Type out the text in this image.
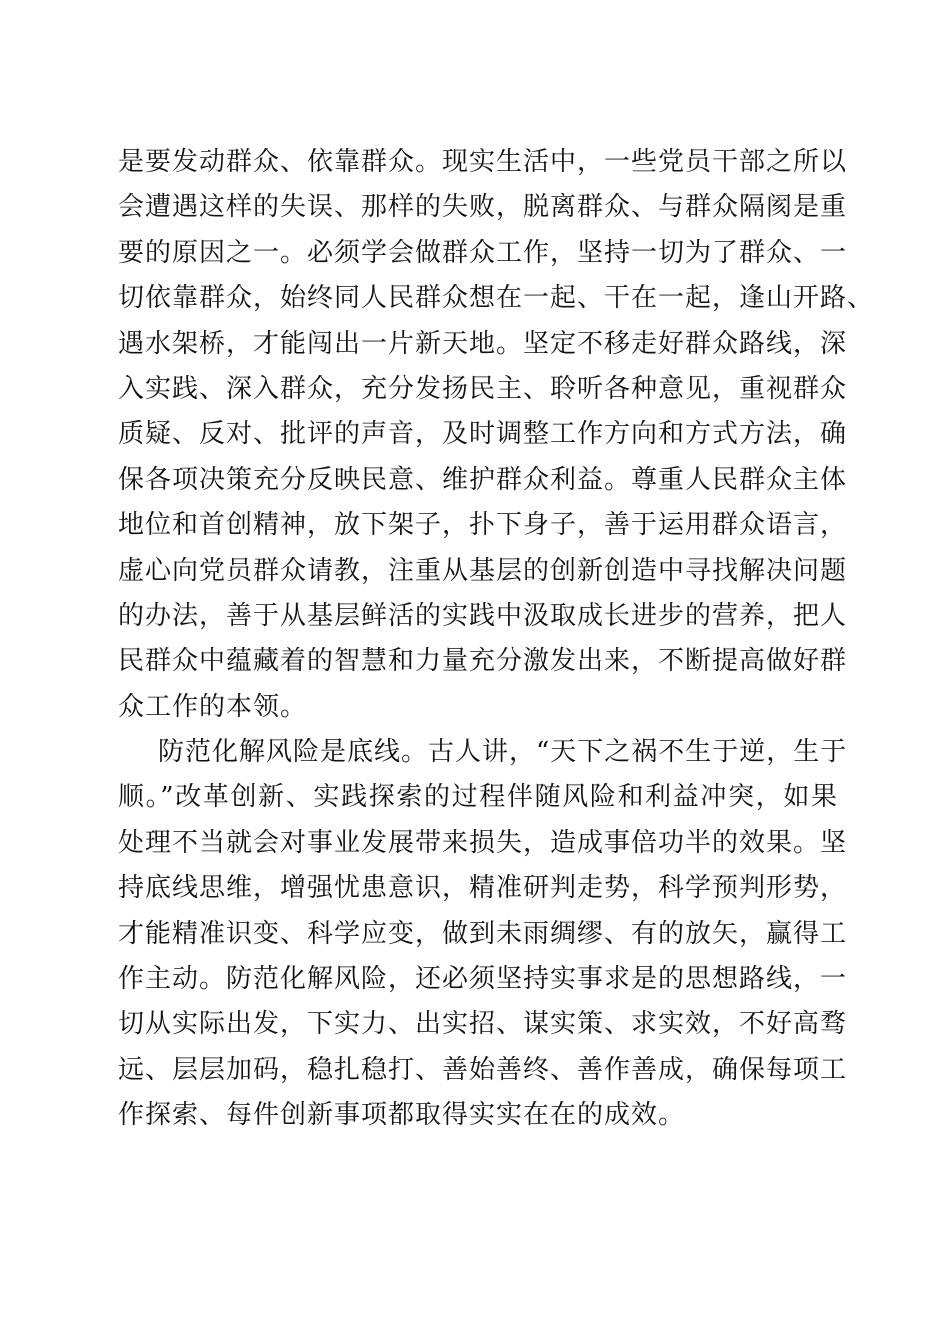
是要发动群众、依靠群众。现实生活中，一些党员干部之所以
会遭遇这样的失误、那样的失败，脱离群众、与群众隔阂是重
要的原因之一。必须学会做群众工作，坚持一切为了群众、一
切依靠群众，始终同人民群众想在一起、干在一起，逢山开路、
遇水架桥，才能闯出一片新天地。坚定不移走好群众路线，深
入实践、深入群众，充分发扬民主、聆听各种意见，重视群众
质疑、反对、批评的声音，及时调整工作方向和方式方法，确
保各项决策充分反映民意、维护群众利益。尊重人民群众主体
地位和首创精神，放下架子，扑下身子，善于运用群众语言，
虚心向党员群众请教，注重从基层的创新创造中寻找解决问题
的办法，善于从基层鲜活的实践中汲取成长进步的营养，把人
民群众中蕴藏着的智慧和力量充分激发出来，不断提高做好群
众工作的本领。
防范化解风险是底线。古人讲，“天下之祸不生于逆，生于
顺。”改革创新、实践探索的过程伴随风险和利益冲突，如果
处理不当就会对事业发展带来损失，造成事倍功半的效果。坚
持底线思维，增强忧患意识，精准研判走势，科学预判形势，
才能精准识变、科学应变，做到未雨绸缪、有的放矢，赢得工
作主动。防范化解风险，还必须坚持实事求是的思想路线，一
切从实际出发，下实力、出实招、谋实策、求实效，不好高骛
远、层层加码，稳扎稳打、善始善终、善作善成，确保每项工
作探索、每件创新事项都取得实实在在的成效。
